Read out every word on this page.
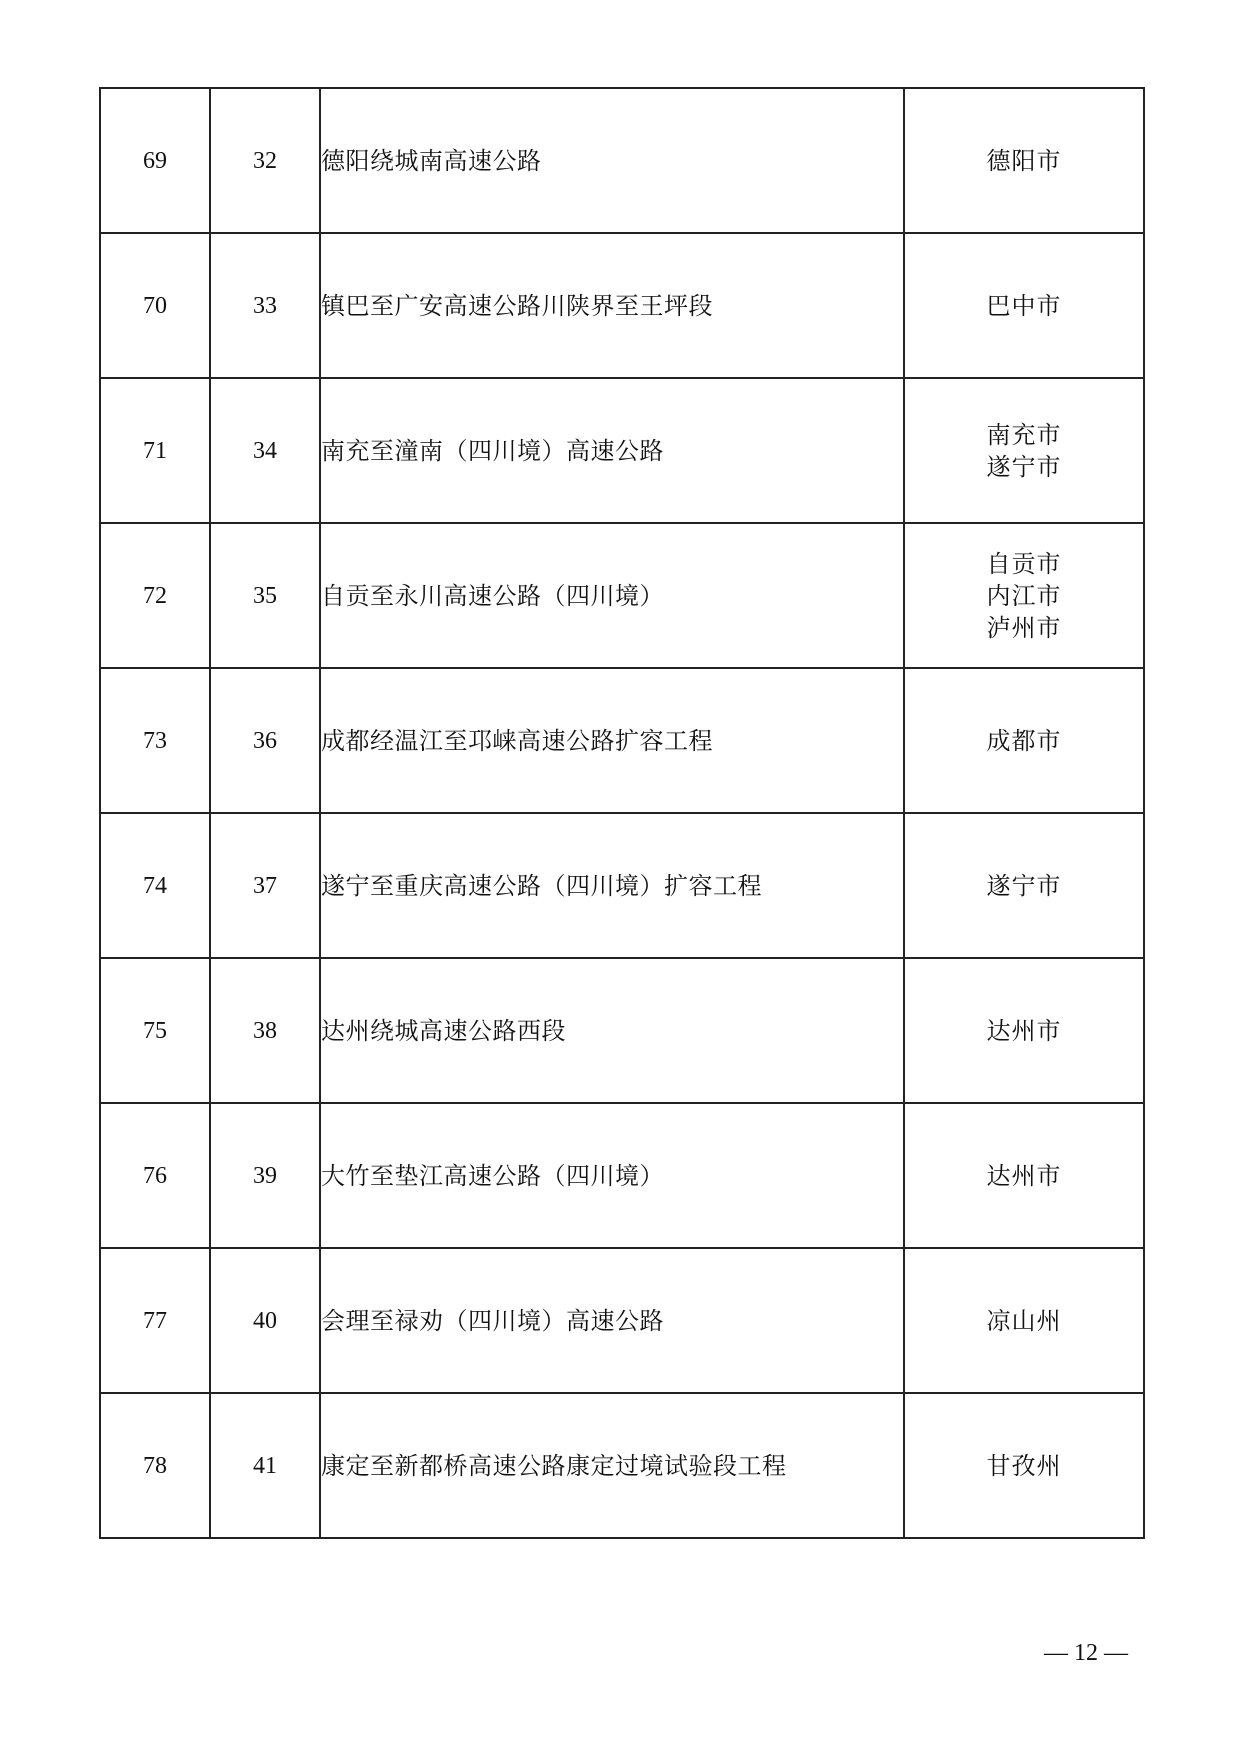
69	32	德阳绕城南高速公路	德阳市

70	33	镇巴至广安高速公路川陕界至王坪段	巴中市

71	34	南充至潼南（四川境）高速公路	南充市
遂宁市

72	35	自贡至永川高速公路（四川境）	自贡市
内江市
泸州市

73	36	成都经温江至邛崃高速公路扩容工程	成都市

74	37	遂宁至重庆高速公路（四川境）扩容工程	遂宁市

75	38	达州绕城高速公路西段	达州市

76	39	大竹至垫江高速公路（四川境）	达州市

77	40	会理至禄劝（四川境）高速公路	凉山州

78	41	康定至新都桥高速公路康定过境试验段工程	甘孜州
— 12 —
